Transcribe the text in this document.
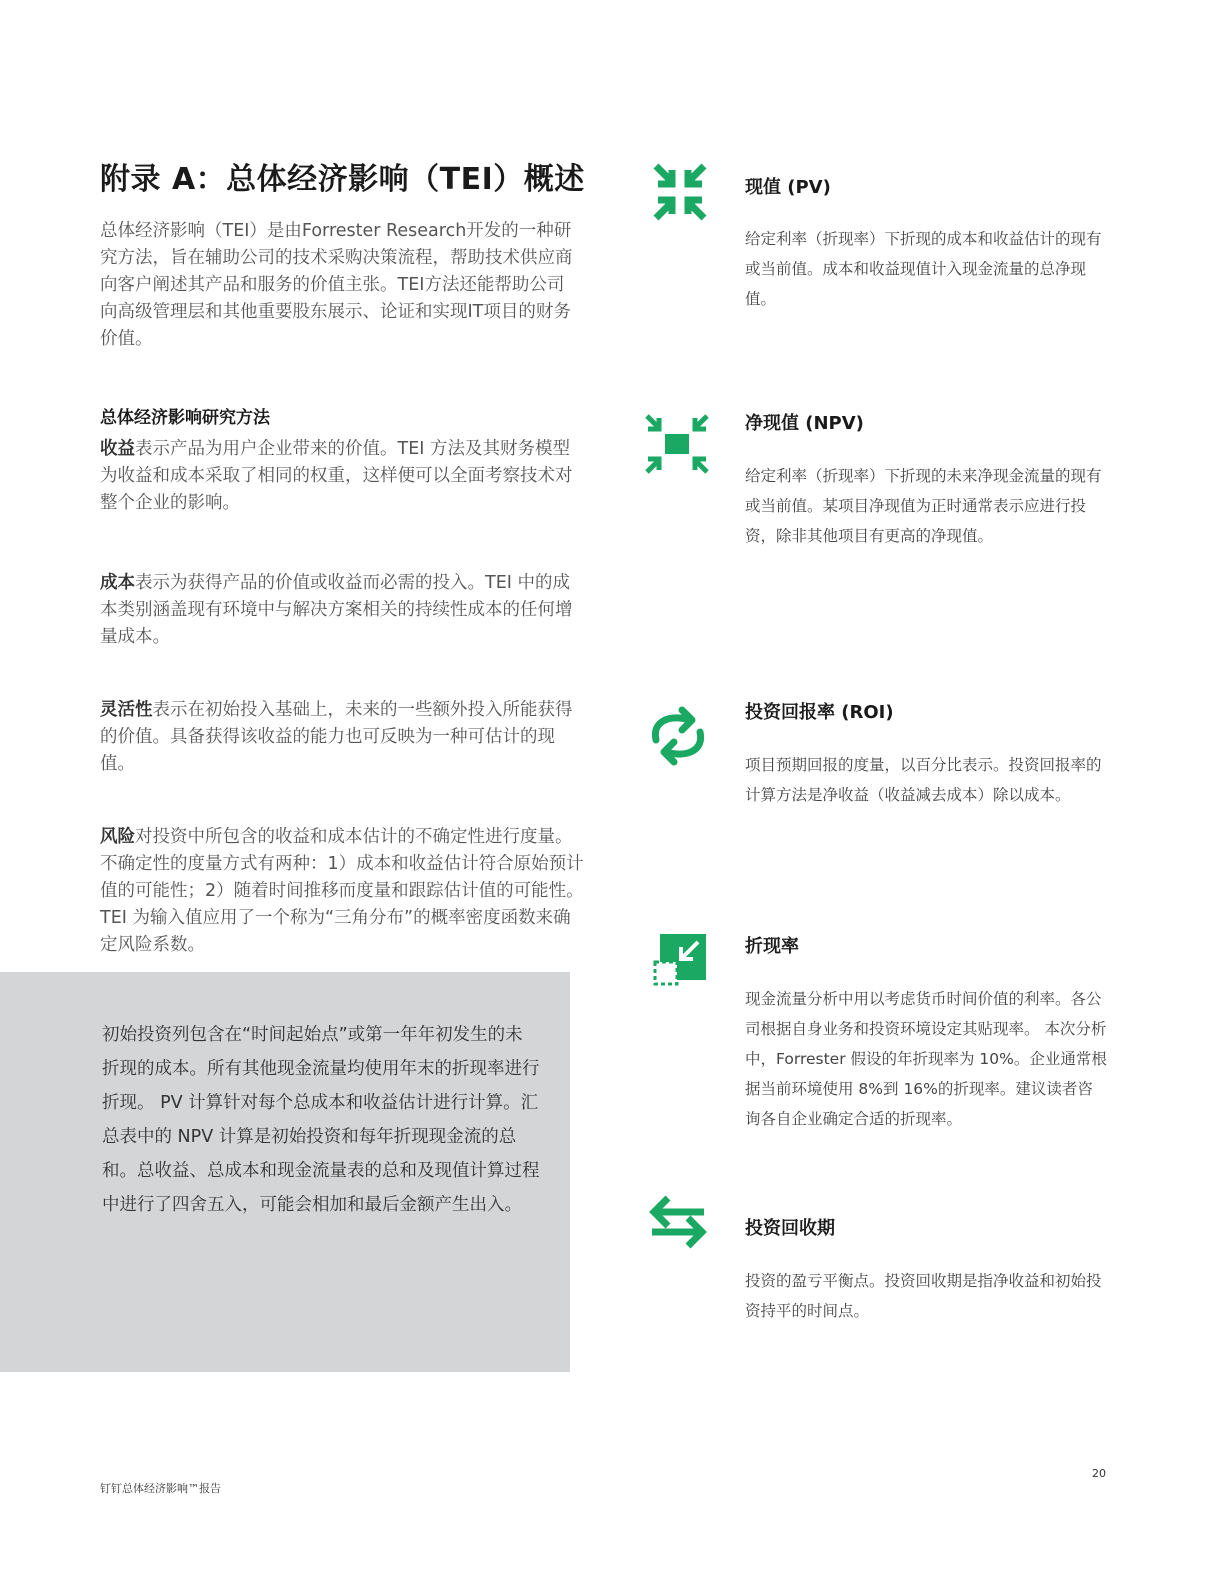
附录 A：总体经济影响（TEI）概述
总体经济影响（TEI）是由Forrester Research开发的一种研究方法，旨在辅助公司的技术采购决策流程，帮助技术供应商向客户阐述其产品和服务的价值主张。TEI方法还能帮助公司向高级管理层和其他重要股东展示、论证和实现IT项目的财务价值。
总体经济影响研究方法
收益表示产品为用户企业带来的价值。TEI 方法及其财务模型为收益和成本采取了相同的权重，这样便可以全面考察技术对整个企业的影响。
成本表示为获得产品的价值或收益而必需的投入。TEI 中的成本类别涵盖现有环境中与解决方案相关的持续性成本的任何增量成本。
灵活性表示在初始投入基础上，未来的一些额外投入所能获得的价值。具备获得该收益的能力也可反映为一种可估计的现值。
风险对投资中所包含的收益和成本估计的不确定性进行度量。不确定性的度量方式有两种：1）成本和收益估计符合原始预计值的可能性；2）随着时间推移而度量和跟踪估计值的可能性。TEI 为输入值应用了一个称为“三角分布”的概率密度函数来确定风险系数。
初始投资列包含在“时间起始点”或第一年年初发生的未折现的成本。所有其他现金流量均使用年末的折现率进行折现。 PV 计算针对每个总成本和收益估计进行计算。汇总表中的 NPV 计算是初始投资和每年折现现金流的总和。总收益、总成本和现金流量表的总和及现值计算过程中进行了四舍五入，可能会相加和最后金额产生出入。
现值 (PV)
给定利率（折现率）下折现的成本和收益估计的现有或当前值。成本和收益现值计入现金流量的总净现值。
净现值 (NPV)
给定利率（折现率）下折现的未来净现金流量的现有或当前值。某项目净现值为正时通常表示应进行投资，除非其他项目有更高的净现值。
投资回报率 (ROI)
项目预期回报的度量，以百分比表示。投资回报率的计算方法是净收益（收益减去成本）除以成本。
折现率
现金流量分析中用以考虑货币时间价值的利率。各公司根据自身业务和投资环境设定其贴现率。 本次分析中，Forrester 假设的年折现率为 10%。企业通常根据当前环境使用 8%到 16%的折现率。建议读者咨询各自企业确定合适的折现率。
投资回收期
投资的盈亏平衡点。投资回收期是指净收益和初始投资持平的时间点。
钉钉总体经济影响™报告
20
